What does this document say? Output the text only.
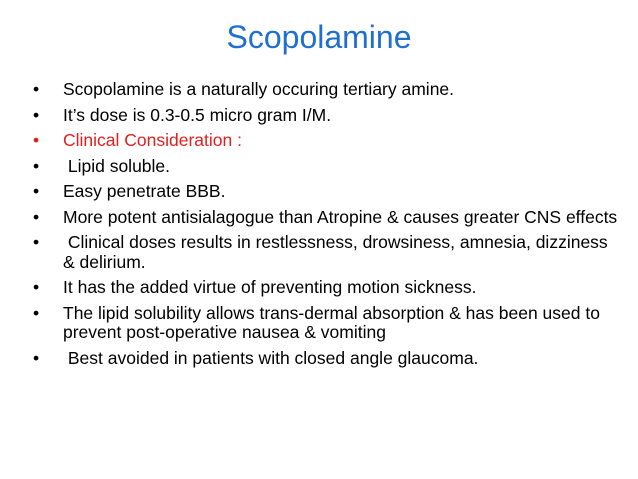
Scopolamine
•	Scopolamine is a naturally occuring tertiary amine.
•	It’s dose is 0.3-0.5 micro gram I/M.
•	Clinical Consideration :
•	Lipid soluble.
•	Easy penetrate BBB.
•	More potent antisialagogue than Atropine & causes greater CNS effects
•	Clinical doses results in restlessness, drowsiness, amnesia, dizziness & delirium.
•	It has the added virtue of preventing motion sickness.
•	The lipid solubility allows trans-dermal absorption & has been used to prevent post-operative nausea & vomiting
•	Best avoided in patients with closed angle glaucoma.
